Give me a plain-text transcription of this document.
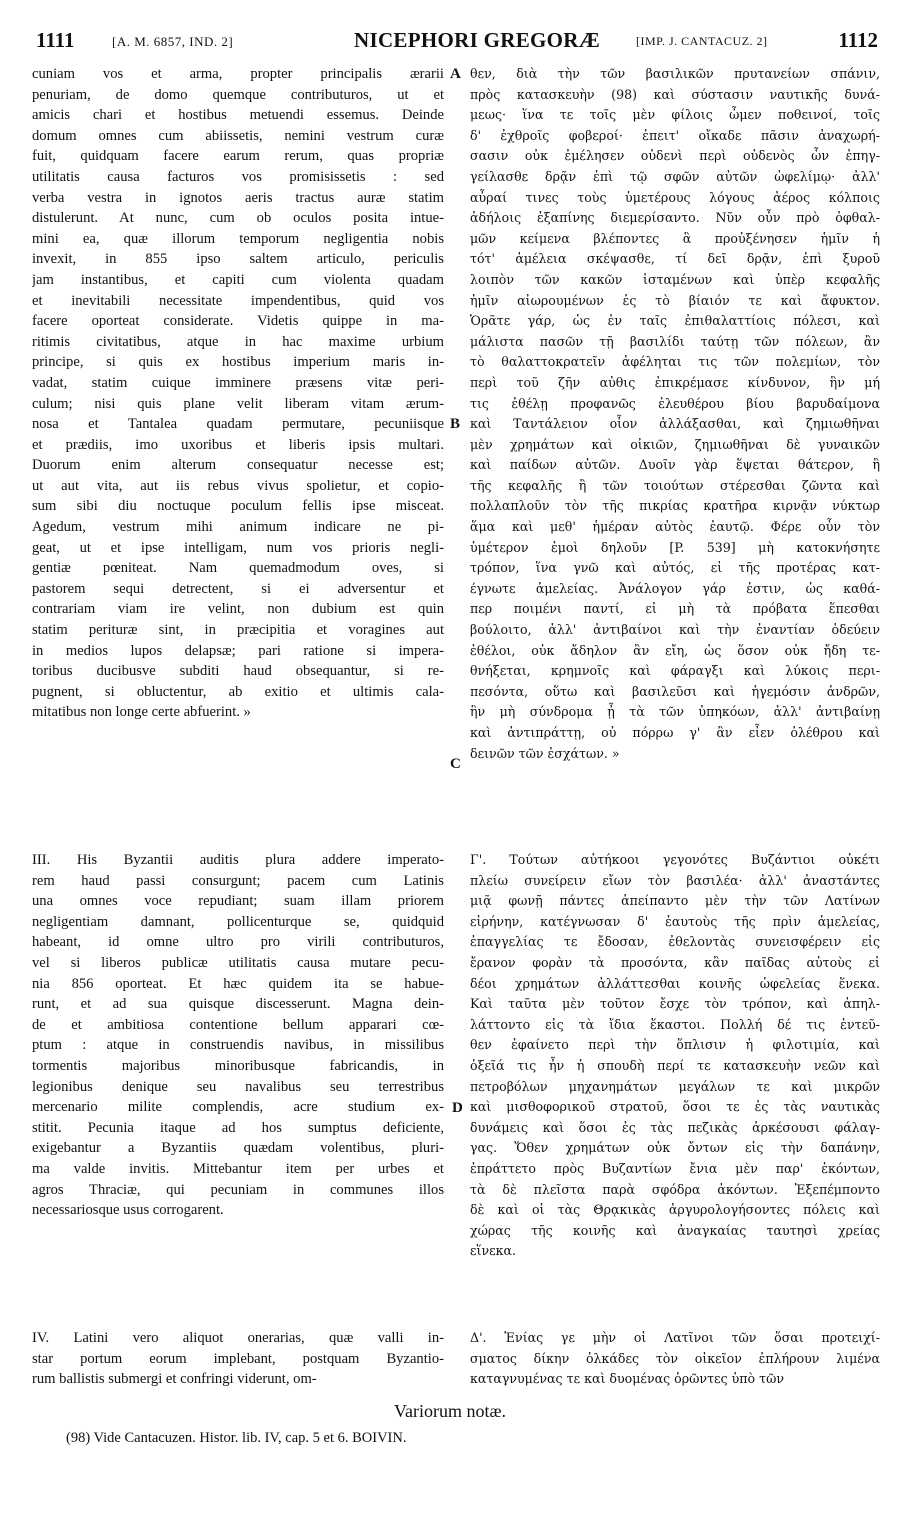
1111	[A. M. 6857, IND. 2]	NICEPHORI GREGORÆ	[IMP. J. CANTACUZ. 2]	1112
A
B
C
D
cuniam vos et arma, propter principalis ærarii
penuriam, de domo quemque contributuros, ut et
amicis chari et hostibus metuendi essemus. Deinde
domum omnes cum abiissetis, nemini vestrum curæ
fuit, quidquam facere earum rerum, quas propriæ
utilitatis causa facturos vos promisissetis : sed
verba vestra in ignotos aeris tractus auræ statim
distulerunt. At nunc, cum ob oculos posita intue-
mini ea, quæ illorum temporum negligentia nobis
invexit, in 855 ipso saltem articulo, periculis
jam instantibus, et capiti cum violenta quadam
et inevitabili necessitate impendentibus, quid vos
facere oporteat considerate. Videtis quippe in ma-
ritimis civitatibus, atque in hac maxime urbium
principe, si quis ex hostibus imperium maris in-
vadat, statim cuique imminere præsens vitæ peri-
culum; nisi quis plane velit liberam vitam ærum-
nosa et Tantalea quadam permutare, pecuniisque
et prædiis, imo uxoribus et liberis ipsis multari.
Duorum enim alterum consequatur necesse est;
ut aut vita, aut iis rebus vivus spolietur, et copio-
sum sibi diu noctuque poculum fellis ipse misceat.
Agedum, vestrum mihi animum indicare ne pi-
geat, ut et ipse intelligam, num vos prioris negli-
gentiæ pœniteat. Nam quemadmodum oves, si
pastorem sequi detrectent, si ei adversentur et
contrariam viam ire velint, non dubium est quin
statim perituræ sint, in præcipitia et voragines aut
in medios lupos delapsæ; pari ratione si impera-
toribus ducibusve subditi haud obsequantur, si re-
pugnent, si obluctentur, ab exitio et ultimis cala-
mitatibus non longe certe abfuerint. »
III. His Byzantii auditis plura addere imperato-
rem haud passi consurgunt; pacem cum Latinis
una omnes voce repudiant; suam illam priorem
negligentiam damnant, pollicenturque se, quidquid
habeant, id omne ultro pro virili contributuros,
vel si liberos publicæ utilitatis causa mutare pecu-
nia 856 oporteat. Et hæc quidem ita se habue-
runt, et ad sua quisque discesserunt. Magna dein-
de et ambitiosa contentione bellum apparari cœ-
ptum : atque in construendis navibus, in missilibus
tormentis majoribus minoribusque fabricandis, in
legionibus denique seu navalibus seu terrestribus
mercenario milite complendis, acre studium ex-
stitit. Pecunia itaque ad hos sumptus deficiente,
exigebantur a Byzantiis quædam volentibus, pluri-
ma valde invitis. Mittebantur item per urbes et
agros Thraciæ, qui pecuniam in communes illos
necessariosque usus corrogarent.
IV. Latini vero aliquot onerarias, quæ valli in-
star portum eorum implebant, postquam Byzantio-
rum ballistis submergi et confringi viderunt, om-
θεν, διὰ τὴν τῶν βασιλικῶν πρυτανείων σπάνιν,
πρὸς κατασκευὴν (98) καὶ σύστασιν ναυτικῆς δυνά-
μεως· ἵνα τε τοῖς μὲν φίλοις ὦμεν ποθεινοί, τοῖς
δ' ἐχθροῖς φοβεροί· ἐπειτ' οἴκαδε πᾶσιν ἀναχωρή-
σασιν οὐκ ἐμέλησεν οὐδενὶ περὶ οὐδενὸς ὧν ἐπηγ-
γείλασθε δρᾷν ἐπὶ τῷ σφῶν αὐτῶν ὠφελίμῳ· ἀλλ'
αὖραί τινες τοὺς ὑμετέρους λόγους ἀέρος κόλποις
ἀδήλοις ἐξαπίνης διεμερίσαντο. Νῦν οὖν πρὸ ὀφθαλ-
μῶν κείμενα βλέποντες ἃ προὐξένησεν ἡμῖν ἡ
τότ' ἀμέλεια σκέψασθε, τί δεῖ δρᾷν, ἐπὶ ξυροῦ
λοιπὸν τῶν κακῶν ἱσταμένων καὶ ὑπὲρ κεφαλῆς
ἡμῖν αἰωρουμένων ἐς τὸ βίαιόν τε καὶ ἄφυκτον.
Ὁρᾶτε γάρ, ὡς ἐν ταῖς ἐπιθαλαττίοις πόλεσι, καὶ
μάλιστα πασῶν τῇ βασιλίδι ταύτῃ τῶν πόλεων, ἂν
τὸ θαλαττοκρατεῖν ἀφέληται τις τῶν πολεμίων, τὸν
περὶ τοῦ ζῆν αὐθις ἐπικρέμασε κίνδυνον, ἣν μή
τις ἐθέλῃ προφανῶς ἐλευθέρου βίου βαρυδαίμονα
καὶ Ταντάλειον οἷον ἀλλάξασθαι, καὶ ζημιωθῆναι
μὲν χρημάτων καὶ οἰκιῶν, ζημιωθῆναι δὲ γυναικῶν
καὶ παίδων αὐτῶν. Δυοῖν γὰρ ἕψεται θάτερον, ἢ
τῆς κεφαλῆς ἢ τῶν τοιούτων στέρεσθαι ζῶντα καὶ
πολλαπλοῦν τὸν τῆς πικρίας κρατῆρα κιρνᾷν νύκτωρ
ἅμα καὶ μεθ' ἡμέραν αὐτὸς ἑαυτῷ. Φέρε οὖν τὸν
ὑμέτερον ἐμοὶ δηλοῦν [P. 539] μὴ κατοκνήσητε
τρόπον, ἵνα γνῶ καὶ αὐτός, εἰ τῆς προτέρας κατ-
έγνωτε ἀμελείας. Ἀνάλογον γάρ ἐστιν, ὡς καθά-
περ ποιμένι παντί, εἰ μὴ τὰ πρόβατα ἕπεσθαι
βούλοιτο, ἀλλ' ἀντιβαίνοι καὶ τὴν ἐναντίαν ὁδεύειν
ἐθέλοι, οὐκ ἄδηλον ἂν εἴη, ὡς ὅσον οὐκ ἤδη τε-
θνήξεται, κρημνοῖς καὶ φάραγξι καὶ λύκοις περι-
πεσόντα, οὕτω καὶ βασιλεῦσι καὶ ἡγεμόσιν ἀνδρῶν,
ἣν μὴ σύνδρομα ᾖ τὰ τῶν ὑπηκόων, ἀλλ' ἀντιβαίνῃ
καὶ ἀντιπράττῃ, οὐ πόρρω γ' ἂν εἶεν ὀλέθρου καὶ
δεινῶν τῶν ἐσχάτων. »
Γ'. Τούτων αὐτήκοοι γεγονότες Βυζάντιοι οὐκέτι
πλείω συνείρειν εἴων τὸν βασιλέα· ἀλλ' ἀναστάντες
μιᾷ φωνῇ πάντες ἀπείπαντο μὲν τὴν τῶν Λατίνων
εἰρήνην, κατέγνωσαν δ' ἑαυτοὺς τῆς πρὶν ἀμελείας,
ἐπαγγελίας τε ἔδοσαν, ἐθελοντὰς συνεισφέρειν εἰς
ἔρανον φορὰν τὰ προσόντα, κἂν παῖδας αὐτοὺς εἰ
δέοι χρημάτων ἀλλάττεσθαι κοινῆς ὠφελείας ἕνεκα.
Καὶ ταῦτα μὲν τοῦτον ἔσχε τὸν τρόπον, καὶ ἀπηλ-
λάττοντο εἰς τὰ ἴδια ἕκαστοι. Πολλή δέ τις ἐντεῦ-
θεν ἐφαίνετο περὶ τὴν ὅπλισιν ἡ φιλοτιμία, καὶ
ὀξεῖά τις ἦν ἡ σπουδὴ περί τε κατασκευὴν νεῶν καὶ
πετροβόλων μηχανημάτων μεγάλων τε καὶ μικρῶν
καὶ μισθοφορικοῦ στρατοῦ, ὅσοι τε ἐς τὰς ναυτικὰς
δυνάμεις καὶ ὅσοι ἐς τὰς πεζικὰς ἀρκέσουσι φάλαγ-
γας. Ὅθεν χρημάτων οὐκ ὄντων εἰς τὴν δαπάνην,
ἐπράττετο πρὸς Βυζαντίων ἔνια μὲν παρ' ἑκόντων,
τὰ δὲ πλεῖστα παρὰ σφόδρα ἀκόντων. Ἐξεπέμποντο
δὲ καὶ οἱ τὰς Θρᾳκικὰς ἀργυρολογήσοντες πόλεις καὶ
χώρας τῆς κοινῆς καὶ ἀναγκαίας ταυτησὶ χρείας
εἵνεκα.
Δ'. Ἐνίας γε μὴν οἱ Λατῖνοι τῶν ὅσαι προτειχί-
σματος δίκην ὁλκάδες τὸν οἰκεῖον ἐπλήρουν λιμένα
καταγνυμένας τε καὶ δυομένας ὁρῶντες ὑπὸ τῶν
Variorum notæ.
(98) Vide Cantacuzen. Histor. lib. IV, cap. 5 et 6. BOIVIN.
